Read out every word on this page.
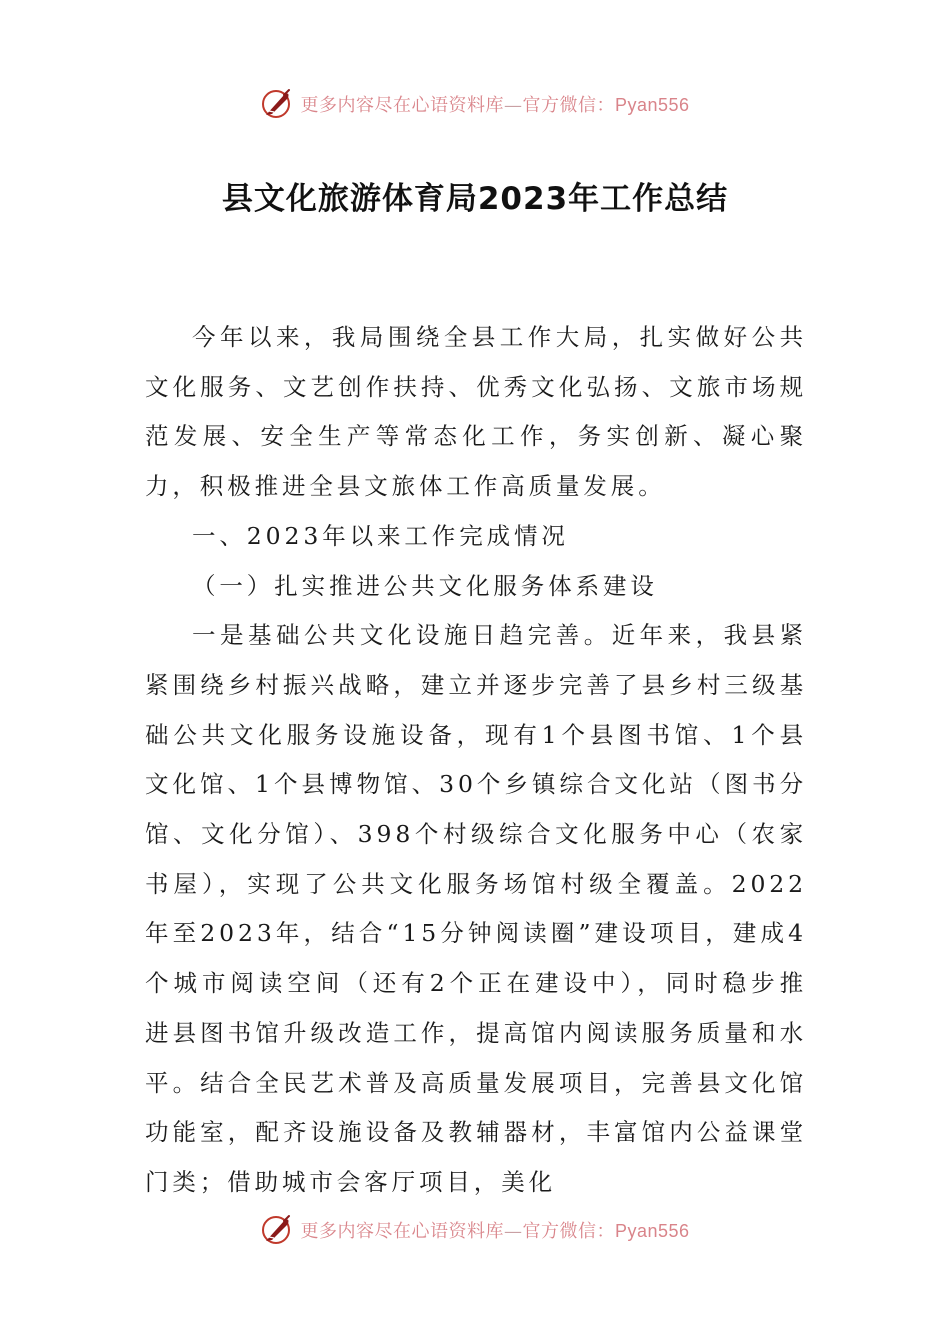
更多内容尽在心语资料库—官方微信：Pyan556
县文化旅游体育局2023年工作总结

今年以来，我局围绕全县工作大局，扎实做好公共文化服务、文艺创作扶持、优秀文化弘扬、文旅市场规范发展、安全生产等常态化工作，务实创新、凝心聚力，积极推进全县文旅体工作高质量发展。

一、2023年以来工作完成情况

（一）扎实推进公共文化服务体系建设

一是基础公共文化设施日趋完善。近年来，我县紧紧围绕乡村振兴战略，建立并逐步完善了县乡村三级基础公共文化服务设施设备，现有1个县图书馆、1个县文化馆、1个县博物馆、30个乡镇综合文化站（图书分馆、文化分馆）、398个村级综合文化服务中心（农家书屋），实现了公共文化服务场馆村级全覆盖。2022年至2023年，结合“15分钟阅读圈”建设项目，建成4个城市阅读空间（还有2个正在建设中），同时稳步推进县图书馆升级改造工作，提高馆内阅读服务质量和水平。结合全民艺术普及高质量发展项目，完善县文化馆功能室，配齐设施设备及教辅器材，丰富馆内公益课堂门类；借助城市会客厅项目，美化

更多内容尽在心语资料库—官方微信：Pyan556
